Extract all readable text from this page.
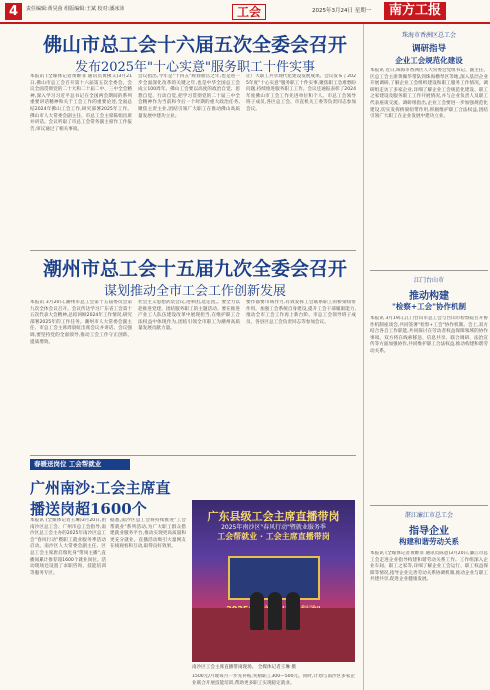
4	责任编辑:黄昊茵 组版编辑:王斌 校对:潘冰沛	工会	2025年3月24日 星期一	南方工报
佛山市总工会十六届五次全委会召开
发布2025年"十心实意"服务职工十件实事
本报讯 (全媒体记者黄姬菲 通讯员黄佛义)3月21日,佛山市总工会召开第十六届第五次全委会。会议全面贯彻党的二十大和二十届二中、三中全会精神,深入学习习近平总书记在全国两会期间的系列重要讲话精神和关于工会工作的重要论述,全面总结2024年佛山工会工作,研究部署2025年工作。佛山市人大常委会副主任、市总工会主席陈娟出席并讲话。会议听取了市总工会常务副主席作工作报告,审议通过了相关事项。
会议指出,今年是"十四五"规划收官之年,也是进一步全面深化改革的关键之年,也是中华全国总工会成立100周年。佛山工会要以高度的政治自觉、思想自觉、行动自觉,把学习贯彻党的二十届三中全会精神作为当前和今后一个时期的重大政治任务,聚焦主责主业,团结引领广大职工在推动佛山高质量发展中建功立业。
让广大职工共享现代化建设发展成果。会议发布了2025年度"十心实意"服务职工十件实事,聚焦职工急难愁盼问题,持续推进服务职工工作。会议还通报表彰了2024年度佛山市工会工作先进单位和个人。市总工会领导班子成员,各区总工会、市直机关工委等负责同志参加会议。
潮州市总工会十五届九次全委会召开
谋划推动全市工会工作创新发展
本报讯 3月20日,潮州市总工会第十五届委员会第九次全体会议召开。会议传达学习广东省工会第十五次代表大会精神,总结回顾2024年工作情况,研究部署2025年的工作任务。潮州市人大常委会副主任、市总工会主席周晨虹出席会议并讲话。会议强调,要坚持党的全面领导,推动工会工作守正创新、提质增效。
社会主义思想武装会议,进率团,选定团,。要全力以赴推进党建、团结服务职工的主题活动。要在推进产业工人队伍建设改革中展现担当,在维护职工合法权益中体现作为,团结引领全市职工为潮州高质量发展贡献力量。
要作都要市域作力,有效发挥工会联系职工的桥梁纽带作用。加强工会系统自身建设,提升工会干部履职能力,推动全市工会工作再上新台阶。市总工会领导班子成员、各县区总工会负责同志等参加会议。
春暖送岗位 工会帮就业
广州南沙:工会主席直播送岗超1600个
本报讯 (全媒体记者王琳)3月20日,由南沙区总工会、广州市总工会指导,南沙区总工会主办的2025年南沙区总工会"春风行动"暨职工就业服务季活动启动。南沙区人大常委会副主任、区总工会主席唐启瑞化身"带岗主播",直播间累计推荐超1600个就业岗位。活动现场还设置了求职咨询、技能培训等服务专区。
据悉,南沙区总工会将持续推进"工会帮就业"系列活动,为广大职工群众搭建就业服务平台,推动实现更高质量和更充分就业。直播活动吸引大量网友在线观看和互动,取得良好效果。
1500元/月或每月一步先补贴,奖励职工300—500元。同时,计划与南沙区多家企业联合开展技能培训,帮助更多职工实现稳定就业。
广东县级工会主席直播带岗
2025年南沙区"春风行动"暨就业服务季
工会帮就业 · 工会主席直播带岗
南沙区工会主席直播带岗现场。 全媒体记者王琳 摄
珠海市香洲区总工会
调研指导
企业工会规范化建设
本报讯 近日,珠海市香洲区人大常委会党组书记、副主任、区总工会主席黄佩华带队到珠海横琴区等地,深入基层企业开展调研,了解企业工会组织建设和职工服务工作情况。调研组走访了多家企业,详细了解企业工会规范化建设、职工之家建设及服务职工工作开展情况,并与企业负责人及职工代表座谈交流。调研组指出,企业工会要进一步加强规范化建设,切实发挥桥梁纽带作用,积极维护职工合法权益,团结引领广大职工在企业发展中建功立业。
江门台山市
推动构建
"检察+工会"协作机制
本报讯 3月19日,江门台山市总工会与台山市检察院召开协作机制座谈会,共同签署"检察+工会"协作机制。会上,双方结合各自工作职能,共同探讨在劳动者权益保障领域的协作事项。双方将在线索移送、信息共享、联合调研、法治宣传等方面加强协作,共同维护职工合法权益,推动构建和谐劳动关系。
湛江廉江市总工会
指导企业
构建和谐劳动关系
本报讯 (全媒体记者黄姬菲 通讯员陈意)3月20日,廉江市总工会走进企业指导构建和谐劳动关系工作。工作组深入企业车间、职工之家等,详细了解企业工会运行、职工权益保障等情况,指导企业完善劳动关系协调机制,推动企业与职工共建共享,促进企业健康发展。
